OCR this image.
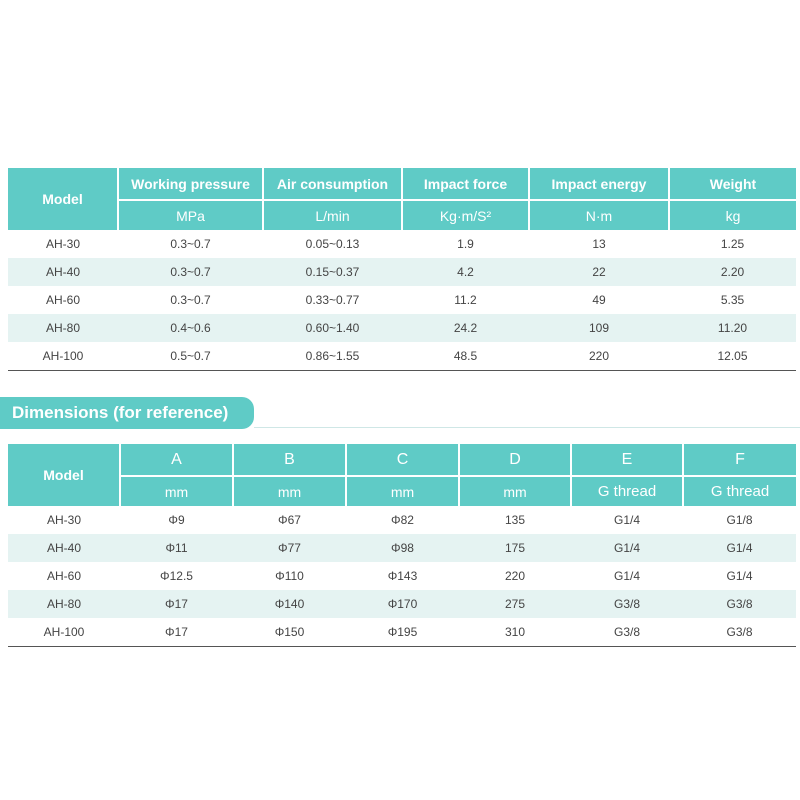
Model	Working pressure	Air consumption	Impact force	Impact energy	Weight
	MPa	L/min	Kg·m/S²	N·m	kg
AH-30	0.3~0.7	0.05~0.13	1.9	13	1.25
AH-40	0.3~0.7	0.15~0.37	4.2	22	2.20
AH-60	0.3~0.7	0.33~0.77	11.2	49	5.35
AH-80	0.4~0.6	0.60~1.40	24.2	109	11.20
AH-100	0.5~0.7	0.86~1.55	48.5	220	12.05
Dimensions (for reference)
Model	A	B	C	D	E	F
	mm	mm	mm	mm	G thread	G thread
AH-30	Φ9	Φ67	Φ82	135	G1/4	G1/8
AH-40	Φ11	Φ77	Φ98	175	G1/4	G1/4
AH-60	Φ12.5	Φ110	Φ143	220	G1/4	G1/4
AH-80	Φ17	Φ140	Φ170	275	G3/8	G3/8
AH-100	Φ17	Φ150	Φ195	310	G3/8	G3/8
